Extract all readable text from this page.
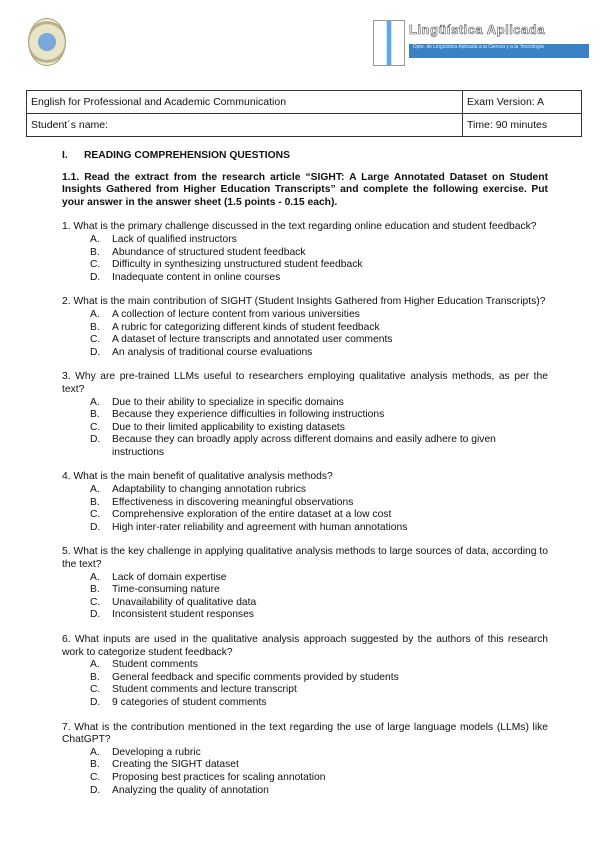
Lingüística Aplicada
Dpto. de Lingüística Aplicada a la Ciencia y a la Tecnología
English for Professional and Academic Communication	Exam Version: A
Student´s name:	Time: 90 minutes
I. READING COMPREHENSION QUESTIONS
1.1. Read the extract from the research article “SIGHT: A Large Annotated Dataset on Student Insights Gathered from Higher Education Transcripts” and complete the following exercise. Put your answer in the answer sheet (1.5 points - 0.15 each).
1. What is the primary challenge discussed in the text regarding online education and student feedback?
A.	Lack of qualified instructors
B.	Abundance of structured student feedback
C.	Difficulty in synthesizing unstructured student feedback
D.	Inadequate content in online courses
2. What is the main contribution of SIGHT (Student Insights Gathered from Higher Education Transcripts)?
A.	A collection of lecture content from various universities
B.	A rubric for categorizing different kinds of student feedback
C.	A dataset of lecture transcripts and annotated user comments
D.	An analysis of traditional course evaluations
3. Why are pre-trained LLMs useful to researchers employing qualitative analysis methods, as per the text?
A.	Due to their ability to specialize in specific domains
B.	Because they experience difficulties in following instructions
C.	Due to their limited applicability to existing datasets
D.	Because they can broadly apply across different domains and easily adhere to given instructions
4. What is the main benefit of qualitative analysis methods?
A.	Adaptability to changing annotation rubrics
B.	Effectiveness in discovering meaningful observations
C.	Comprehensive exploration of the entire dataset at a low cost
D.	High inter-rater reliability and agreement with human annotations
5. What is the key challenge in applying qualitative analysis methods to large sources of data, according to the text?
A.	Lack of domain expertise
B.	Time-consuming nature
C.	Unavailability of qualitative data
D.	Inconsistent student responses
6. What inputs are used in the qualitative analysis approach suggested by the authors of this research work to categorize student feedback?
A.	Student comments
B.	General feedback and specific comments provided by students
C.	Student comments and lecture transcript
D.	9 categories of student comments
7. What is the contribution mentioned in the text regarding the use of large language models (LLMs) like ChatGPT?
A.	Developing a rubric
B.	Creating the SIGHT dataset
C.	Proposing best practices for scaling annotation
D.	Analyzing the quality of annotation
